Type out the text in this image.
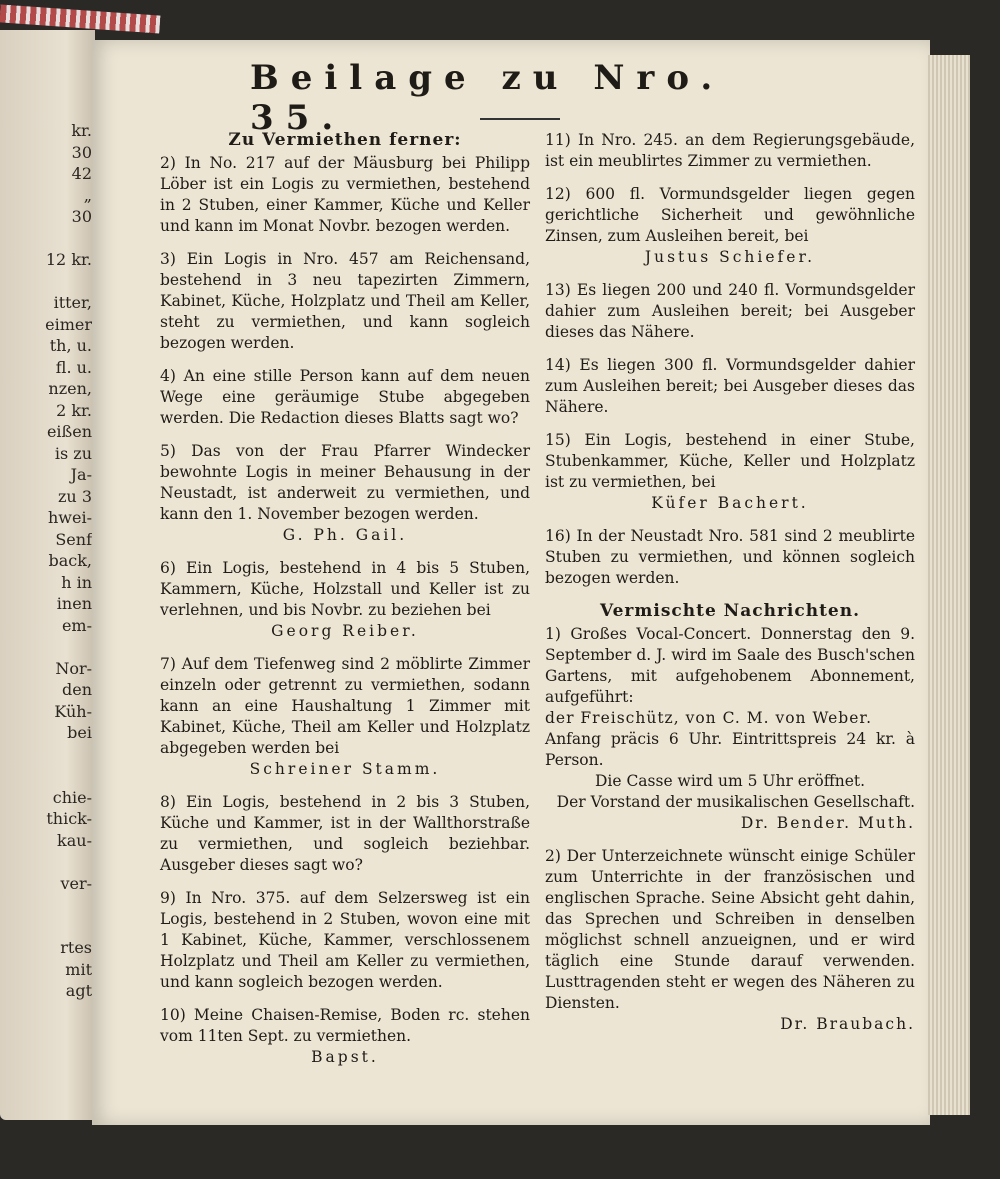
kr.
30
42
„
30
12 kr.
itter,
eimer
th, u.
fl. u.
nzen,
2 kr.
eißen
is zu
Ja-
zu 3
hwei-
Senf
back,
h in
inen
em-
Nor-
den
Küh-
bei
chie-
thick-
kau-
ver-
rtes
mit
agt
Beilage zu Nro. 35.
Zu Vermiethen ferner:
2) In No. 217 auf der Mäusburg bei Philipp Löber ist ein Logis zu vermiethen, bestehend in 2 Stuben, einer Kammer, Küche und Keller und kann im Monat Novbr. bezogen werden.
3) Ein Logis in Nro. 457 am Reichensand, bestehend in 3 neu tapezirten Zimmern, Kabinet, Küche, Holzplatz und Theil am Keller, steht zu vermiethen, und kann sogleich bezogen werden.
4) An eine stille Person kann auf dem neuen Wege eine geräumige Stube abgegeben werden. Die Redaction dieses Blatts sagt wo?
5) Das von der Frau Pfarrer Windecker bewohnte Logis in meiner Behausung in der Neustadt, ist anderweit zu vermiethen, und kann den 1. November bezogen werden.
G. Ph. Gail.
6) Ein Logis, bestehend in 4 bis 5 Stuben, Kammern, Küche, Holzstall und Keller ist zu verlehnen, und bis Novbr. zu beziehen bei
Georg Reiber.
7) Auf dem Tiefenweg sind 2 möblirte Zimmer einzeln oder getrennt zu vermiethen, sodann kann an eine Haushaltung 1 Zimmer mit Kabinet, Küche, Theil am Keller und Holzplatz abgegeben werden bei
Schreiner Stamm.
8) Ein Logis, bestehend in 2 bis 3 Stuben, Küche und Kammer, ist in der Wallthorstraße zu vermiethen, und sogleich beziehbar. Ausgeber dieses sagt wo?
9) In Nro. 375. auf dem Selzersweg ist ein Logis, bestehend in 2 Stuben, wovon eine mit 1 Kabinet, Küche, Kammer, verschlossenem Holzplatz und Theil am Keller zu vermiethen, und kann sogleich bezogen werden.
10) Meine Chaisen-Remise, Boden rc. stehen vom 11ten Sept. zu vermiethen.
Bapst.
11) In Nro. 245. an dem Regierungsgebäude, ist ein meublirtes Zimmer zu vermiethen.
12) 600 fl. Vormundsgelder liegen gegen gerichtliche Sicherheit und gewöhnliche Zinsen, zum Ausleihen bereit, bei
Justus Schiefer.
13) Es liegen 200 und 240 fl. Vormundsgelder dahier zum Ausleihen bereit; bei Ausgeber dieses das Nähere.
14) Es liegen 300 fl. Vormundsgelder dahier zum Ausleihen bereit; bei Ausgeber dieses das Nähere.
15) Ein Logis, bestehend in einer Stube, Stubenkammer, Küche, Keller und Holzplatz ist zu vermiethen, bei
Küfer Bachert.
16) In der Neustadt Nro. 581 sind 2 meublirte Stuben zu vermiethen, und können sogleich bezogen werden.
Vermischte Nachrichten.
1) Großes Vocal-Concert. Donnerstag den 9. September d. J. wird im Saale des Busch'schen Gartens, mit aufgehobenem Abonnement, aufgeführt:
der Freischütz, von C. M. von Weber.
Anfang präcis 6 Uhr. Eintrittspreis 24 kr. à Person.
Die Casse wird um 5 Uhr eröffnet.
Der Vorstand der musikalischen Gesellschaft.
Dr. Bender. Muth.
2) Der Unterzeichnete wünscht einige Schüler zum Unterrichte in der französischen und englischen Sprache. Seine Absicht geht dahin, das Sprechen und Schreiben in denselben möglichst schnell anzueignen, und er wird täglich eine Stunde darauf verwenden. Lusttragenden steht er wegen des Näheren zu Diensten.
Dr. Braubach.
